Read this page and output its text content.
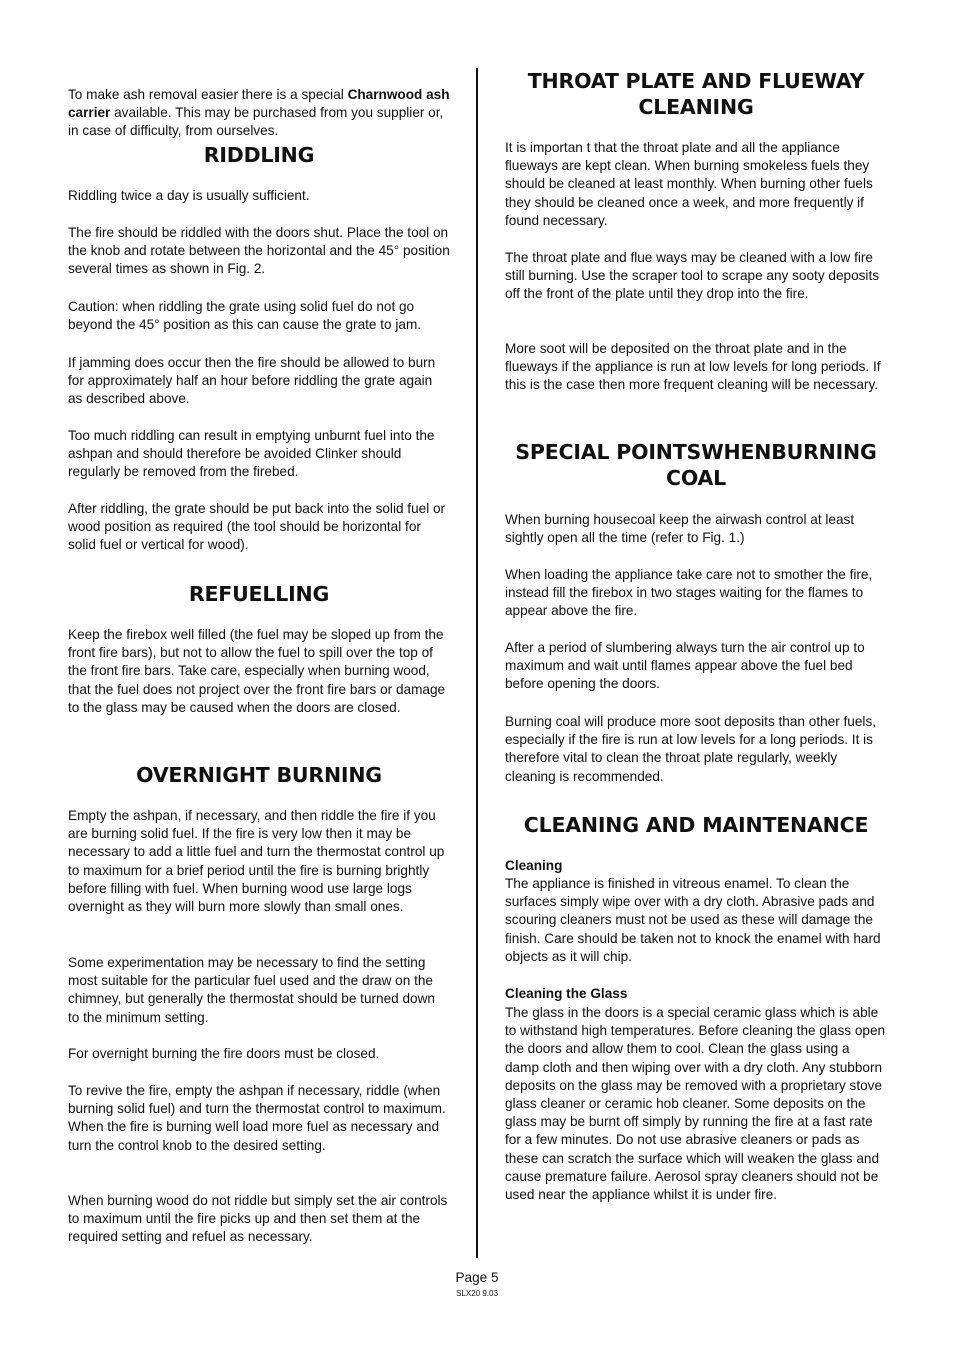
To make ash removal easier there is a special Charnwood ash carrier available. This may be purchased from you supplier or, in case of difficulty, from ourselves.

RIDDLING

Riddling twice a day is usually sufficient.

The fire should be riddled with the doors shut. Place the tool on the knob and rotate between the horizontal and the 45° position several times as shown in Fig. 2.

Caution: when riddling the grate using solid fuel do not go beyond the 45° position as this can cause the grate to jam.

If jamming does occur then the fire should be allowed to burn for approximately half an hour before riddling the grate again as described above.

Too much riddling can result in emptying unburnt fuel into the ashpan and should therefore be avoided Clinker should regularly be removed from the firebed.

After riddling, the grate should be put back into the solid fuel or wood position as required (the tool should be horizontal for solid fuel or vertical for wood).

REFUELLING

Keep the firebox well filled (the fuel may be sloped up from the front fire bars), but not to allow the fuel to spill over the top of the front fire bars. Take care, especially when burning wood, that the fuel does not project over the front fire bars or damage to the glass may be caused when the doors are closed.

OVERNIGHT BURNING

Empty the ashpan, if necessary, and then riddle the fire if you are burning solid fuel. If the fire is very low then it may be necessary to add a little fuel and turn the thermostat control up to maximum for a brief period until the fire is burning brightly before filling with fuel. When burning wood use large logs overnight as they will burn more slowly than small ones.

Some experimentation may be necessary to find the setting most suitable for the particular fuel used and the draw on the chimney, but generally the thermostat should be turned down to the minimum setting.

For overnight burning the fire doors must be closed.

To revive the fire, empty the ashpan if necessary, riddle (when burning solid fuel) and turn the thermostat control to maximum. When the fire is burning well load more fuel as necessary and turn the control knob to the desired setting.

When burning wood do not riddle but simply set the air controls to maximum until the fire picks up and then set them at the required setting and refuel as necessary.

THROAT PLATE AND FLUEWAY CLEANING

It is importan t that the throat plate and all the appliance flueways are kept clean. When burning smokeless fuels they should be cleaned at least monthly. When burning other fuels they should be cleaned once a week, and more frequently if found necessary.

The throat plate and flue ways may be cleaned with a low fire still burning. Use the scraper tool to scrape any sooty deposits off the front of the plate until they drop into the fire.

More soot will be deposited on the throat plate and in the flueways if the appliance is run at low levels for long periods. If this is the case then more frequent cleaning will be necessary.

SPECIAL POINTSWHENBURNING COAL

When burning housecoal keep the airwash control at least sightly open all the time (refer to Fig. 1.)

When loading the appliance take care not to smother the fire, instead fill the firebox in two stages waiting for the flames to appear above the fire.

After a period of slumbering always turn the air control up to maximum and wait until flames appear above the fuel bed before opening the doors.

Burning coal will produce more soot deposits than other fuels, especially if the fire is run at low levels for a long periods. It is therefore vital to clean the throat plate regularly, weekly cleaning is recommended.

CLEANING AND MAINTENANCE

Cleaning

The appliance is finished in vitreous enamel. To clean the surfaces simply wipe over with a dry cloth. Abrasive pads and scouring cleaners must not be used as these will damage the finish. Care should be taken not to knock the enamel with hard objects as it will chip.

Cleaning the Glass

The glass in the doors is a special ceramic glass which is able to withstand high temperatures. Before cleaning the glass open the doors and allow them to cool. Clean the glass using a damp cloth and then wiping over with a dry cloth. Any stubborn deposits on the glass may be removed with a proprietary stove glass cleaner or ceramic hob cleaner. Some deposits on the glass may be burnt off simply by running the fire at a fast rate for a few minutes. Do not use abrasive cleaners or pads as these can scratch the surface which will weaken the glass and cause premature failure. Aerosol spray cleaners should not be used near the appliance whilst it is under fire.

Page 5
SLX20 9.03
